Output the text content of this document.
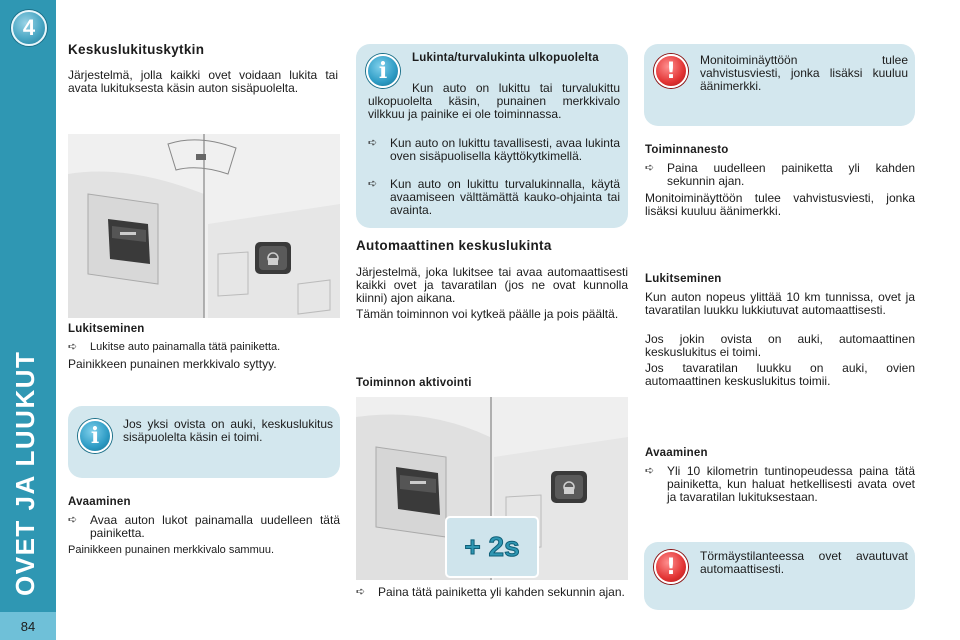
4
OVET JA LUUKUT
84
Keskuslukituskytkin
Järjestelmä, jolla kaikki ovet voidaan lukita tai avata lukituksesta käsin auton sisäpuolelta.
Lukitseminen
➪	Lukitse auto painamalla tätä painiketta.
Painikkeen punainen merkkivalo syttyy.
i	Jos yksi ovista on auki, keskuslukitus sisäpuolelta käsin ei toimi.
Avaaminen
➪	Avaa auton lukot painamalla uudelleen tätä painiketta.
Painikkeen punainen merkkivalo sammuu.
i	Lukinta/turvalukinta ulkopuolelta
Kun auto on lukittu tai turvalukittu ulkopuolelta käsin, punainen merkkivalo vilkkuu ja painike ei ole toiminnassa.
➪	Kun auto on lukittu tavallisesti, avaa lukinta oven sisäpuolisella käyttökytkimellä.
➪	Kun auto on lukittu turvalukinnalla, käytä avaamiseen välttämättä kauko-ohjainta tai avainta.
Automaattinen keskuslukinta
Järjestelmä, joka lukitsee tai avaa automaattisesti kaikki ovet ja tavaratilan (jos ne ovat kunnolla kiinni) ajon aikana.
Tämän toiminnon voi kytkeä päälle ja pois päältä.
Toiminnon aktivointi
+ 2s
➪	Paina tätä painiketta yli kahden sekunnin ajan.
!	Monitoiminäyttöön tulee vahvistusviesti, jonka lisäksi kuuluu äänimerkki.
Toiminnanesto
➪	Paina uudelleen painiketta yli kahden sekunnin ajan.
Monitoiminäyttöön tulee vahvistusviesti, jonka lisäksi kuuluu äänimerkki.
Lukitseminen
Kun auton nopeus ylittää 10 km tunnissa, ovet ja tavaratilan luukku lukkiutuvat automaattisesti.
Jos jokin ovista on auki, automaattinen keskuslukitus ei toimi.
Jos tavaratilan luukku on auki, ovien automaattinen keskuslukitus toimii.
Avaaminen
➪	Yli 10 kilometrin tuntinopeudessa paina tätä painiketta, kun haluat hetkellisesti avata ovet ja tavaratilan lukituksestaan.
!	Törmäystilanteessa ovet avautuvat automaattisesti.
